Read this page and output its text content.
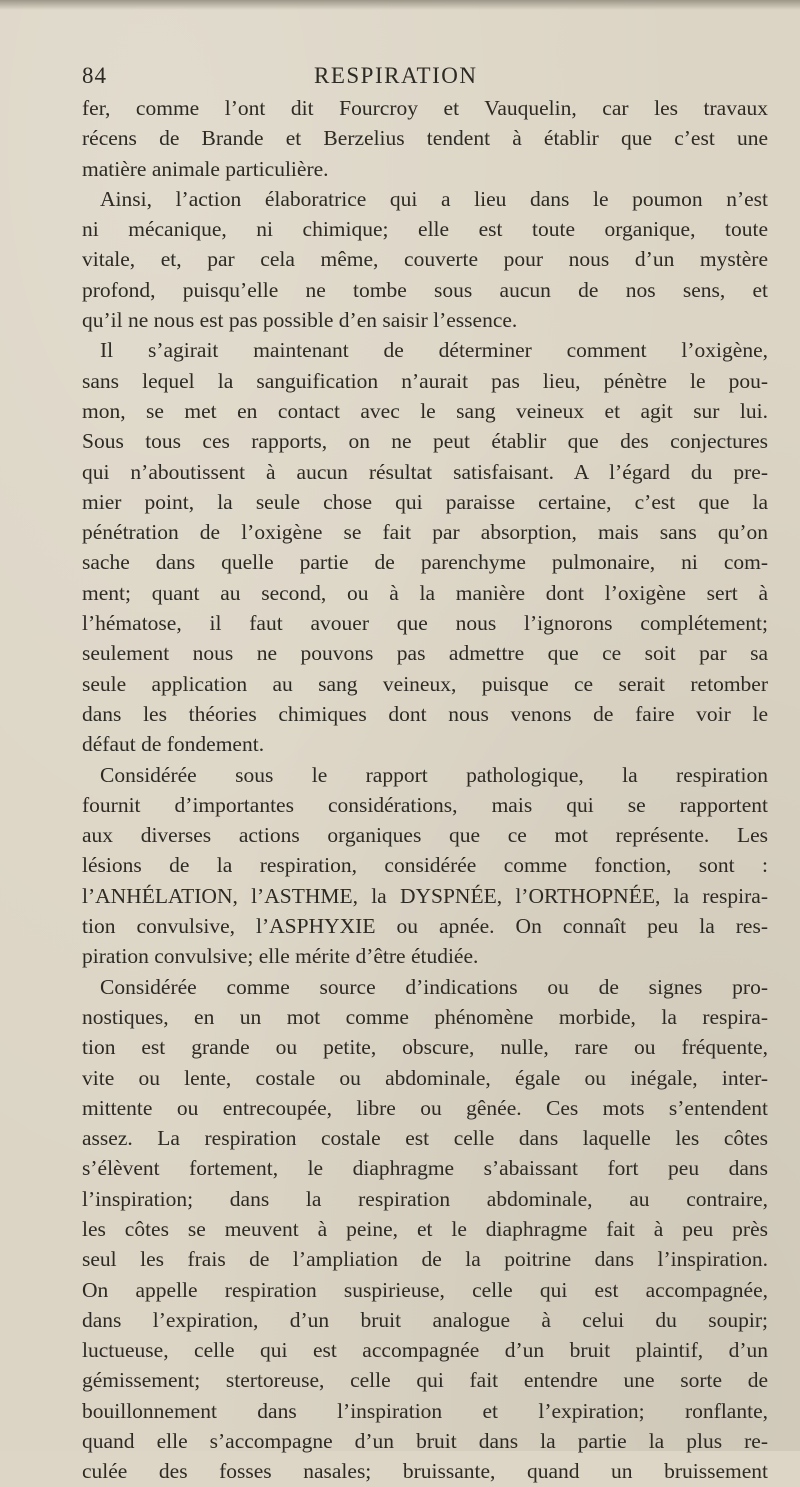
84	RESPIRATION
fer, comme l’ont dit Fourcroy et Vauquelin, car les travaux
récens de Brande et Berzelius tendent à établir que c’est une
matière animale particulière.
Ainsi, l’action élaboratrice qui a lieu dans le poumon n’est
ni mécanique, ni chimique; elle est toute organique, toute
vitale, et, par cela même, couverte pour nous d’un mystère
profond, puisqu’elle ne tombe sous aucun de nos sens, et
qu’il ne nous est pas possible d’en saisir l’essence.
Il s’agirait maintenant de déterminer comment l’oxigène,
sans lequel la sanguification n’aurait pas lieu, pénètre le pou-
mon, se met en contact avec le sang veineux et agit sur lui.
Sous tous ces rapports, on ne peut établir que des conjectures
qui n’aboutissent à aucun résultat satisfaisant. A l’égard du pre-
mier point, la seule chose qui paraisse certaine, c’est que la
pénétration de l’oxigène se fait par absorption, mais sans qu’on
sache dans quelle partie de parenchyme pulmonaire, ni com-
ment; quant au second, ou à la manière dont l’oxigène sert à
l’hématose, il faut avouer que nous l’ignorons complétement;
seulement nous ne pouvons pas admettre que ce soit par sa
seule application au sang veineux, puisque ce serait retomber
dans les théories chimiques dont nous venons de faire voir le
défaut de fondement.
Considérée sous le rapport pathologique, la respiration
fournit d’importantes considérations, mais qui se rapportent
aux diverses actions organiques que ce mot représente. Les
lésions de la respiration, considérée comme fonction, sont :
l’ANHÉLATION, l’ASTHME, la DYSPNÉE, l’ORTHOPNÉE, la respira-
tion convulsive, l’ASPHYXIE ou apnée. On connaît peu la res-
piration convulsive; elle mérite d’être étudiée.
Considérée comme source d’indications ou de signes pro-
nostiques, en un mot comme phénomène morbide, la respira-
tion est grande ou petite, obscure, nulle, rare ou fréquente,
vite ou lente, costale ou abdominale, égale ou inégale, inter-
mittente ou entrecoupée, libre ou gênée. Ces mots s’entendent
assez. La respiration costale est celle dans laquelle les côtes
s’élèvent fortement, le diaphragme s’abaissant fort peu dans
l’inspiration; dans la respiration abdominale, au contraire,
les côtes se meuvent à peine, et le diaphragme fait à peu près
seul les frais de l’ampliation de la poitrine dans l’inspiration.
On appelle respiration suspirieuse, celle qui est accompagnée,
dans l’expiration, d’un bruit analogue à celui du soupir;
luctueuse, celle qui est accompagnée d’un bruit plaintif, d’un
gémissement; stertoreuse, celle qui fait entendre une sorte de
bouillonnement dans l’inspiration et l’expiration; ronflante,
quand elle s’accompagne d’un bruit dans la partie la plus re-
culée des fosses nasales; bruissante, quand un bruissement
